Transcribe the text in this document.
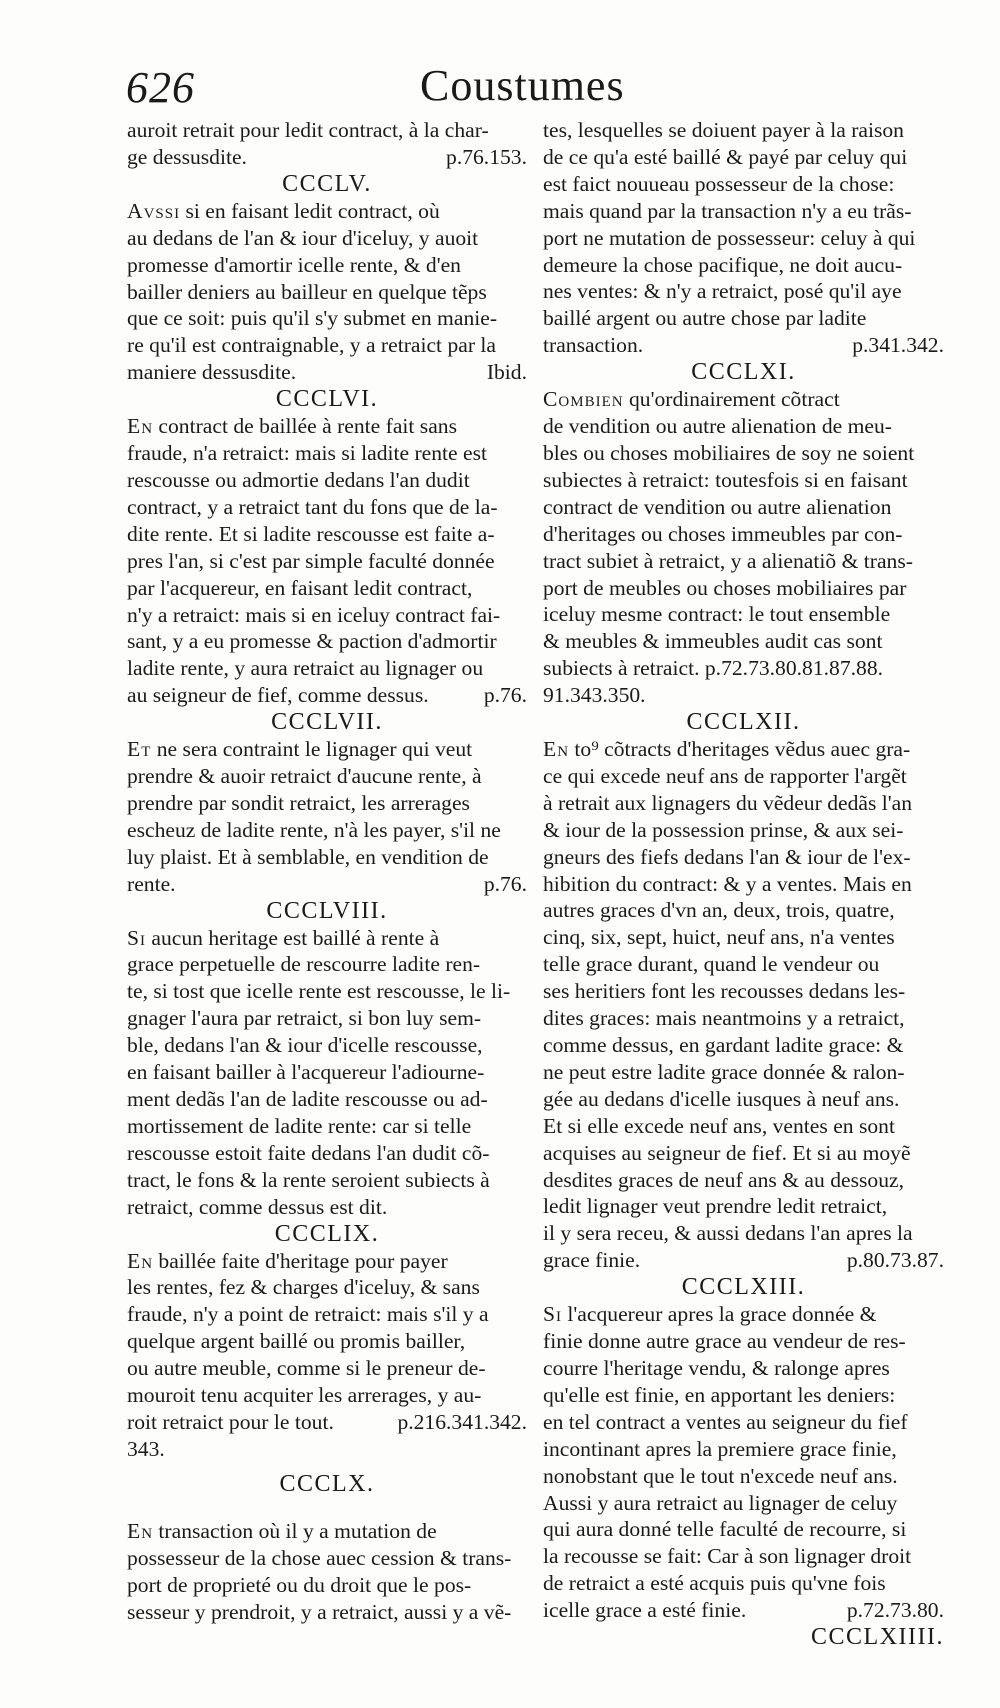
626	Coustumes
auroit retrait pour ledit contract, à la char-
ge dessusdite.	p.76.153.
CCCLV.
Avssi si en faisant ledit contract, où
au dedans de l'an & iour d'iceluy, y auoit
promesse d'amortir icelle rente, & d'en
bailler deniers au bailleur en quelque tẽps
que ce soit: puis qu'il s'y submet en manie-
re qu'il est contraignable, y a retraict par la
maniere dessusdite.	Ibid.
CCCLVI.
En contract de baillée à rente fait sans
fraude, n'a retraict: mais si ladite rente est
rescousse ou admortie dedans l'an dudit
contract, y a retraict tant du fons que de la-
dite rente. Et si ladite rescousse est faite a-
pres l'an, si c'est par simple faculté donnée
par l'acquereur, en faisant ledit contract,
n'y a retraict: mais si en iceluy contract fai-
sant, y a eu promesse & paction d'admortir
ladite rente, y aura retraict au lignager ou
au seigneur de fief, comme dessus.	p.76.
CCCLVII.
Et ne sera contraint le lignager qui veut
prendre & auoir retraict d'aucune rente, à
prendre par sondit retraict, les arrerages
escheuz de ladite rente, n'à les payer, s'il ne
luy plaist. Et à semblable, en vendition de
rente.	p.76.
CCCLVIII.
Si aucun heritage est baillé à rente à
grace perpetuelle de rescourre ladite ren-
te, si tost que icelle rente est rescousse, le li-
gnager l'aura par retraict, si bon luy sem-
ble, dedans l'an & iour d'icelle rescousse,
en faisant bailler à l'acquereur l'adiourne-
ment dedãs l'an de ladite rescousse ou ad-
mortissement de ladite rente: car si telle
rescousse estoit faite dedans l'an dudit cõ-
tract, le fons & la rente seroient subiects à
retraict, comme dessus est dit.
CCCLIX.
En baillée faite d'heritage pour payer
les rentes, fez & charges d'iceluy, & sans
fraude, n'y a point de retraict: mais s'il y a
quelque argent baillé ou promis bailler,
ou autre meuble, comme si le preneur de-
mouroit tenu acquiter les arrerages, y au-
roit retraict pour le tout.	p.216.341.342.
343.
CCCLX.
En transaction où il y a mutation de
possesseur de la chose auec cession & trans-
port de proprieté ou du droit que le pos-
sesseur y prendroit, y a retraict, aussi y a vẽ-
tes, lesquelles se doiuent payer à la raison
de ce qu'a esté baillé & payé par celuy qui
est faict nouueau possesseur de la chose:
mais quand par la transaction n'y a eu trãs-
port ne mutation de possesseur: celuy à qui
demeure la chose pacifique, ne doit aucu-
nes ventes: & n'y a retraict, posé qu'il aye
baillé argent ou autre chose par ladite
transaction.	p.341.342.
CCCLXI.
Combien qu'ordinairement cõtract
de vendition ou autre alienation de meu-
bles ou choses mobiliaires de soy ne soient
subiectes à retraict: toutesfois si en faisant
contract de vendition ou autre alienation
d'heritages ou choses immeubles par con-
tract subiet à retraict, y a alienatiõ & trans-
port de meubles ou choses mobiliaires par
iceluy mesme contract: le tout ensemble
& meubles & immeubles audit cas sont
subiects à retraict. p.72.73.80.81.87.88.
91.343.350.
CCCLXII.
En to⁹ cõtracts d'heritages vẽdus auec gra-
ce qui excede neuf ans de rapporter l'argẽt
à retrait aux lignagers du vẽdeur dedãs l'an
& iour de la possession prinse, & aux sei-
gneurs des fiefs dedans l'an & iour de l'ex-
hibition du contract: & y a ventes. Mais en
autres graces d'vn an, deux, trois, quatre,
cinq, six, sept, huict, neuf ans, n'a ventes
telle grace durant, quand le vendeur ou
ses heritiers font les recousses dedans les-
dites graces: mais neantmoins y a retraict,
comme dessus, en gardant ladite grace: &
ne peut estre ladite grace donnée & ralon-
gée au dedans d'icelle iusques à neuf ans.
Et si elle excede neuf ans, ventes en sont
acquises au seigneur de fief. Et si au moyẽ
desdites graces de neuf ans & au dessouz,
ledit lignager veut prendre ledit retraict,
il y sera receu, & aussi dedans l'an apres la
grace finie.	p.80.73.87.
CCCLXIII.
Si l'acquereur apres la grace donnée &
finie donne autre grace au vendeur de res-
courre l'heritage vendu, & ralonge apres
qu'elle est finie, en apportant les deniers:
en tel contract a ventes au seigneur du fief
incontinant apres la premiere grace finie,
nonobstant que le tout n'excede neuf ans.
Aussi y aura retraict au lignager de celuy
qui aura donné telle faculté de recourre, si
la recousse se fait: Car à son lignager droit
de retraict a esté acquis puis qu'vne fois
icelle grace a esté finie.	p.72.73.80.
CCCLXIIII.
